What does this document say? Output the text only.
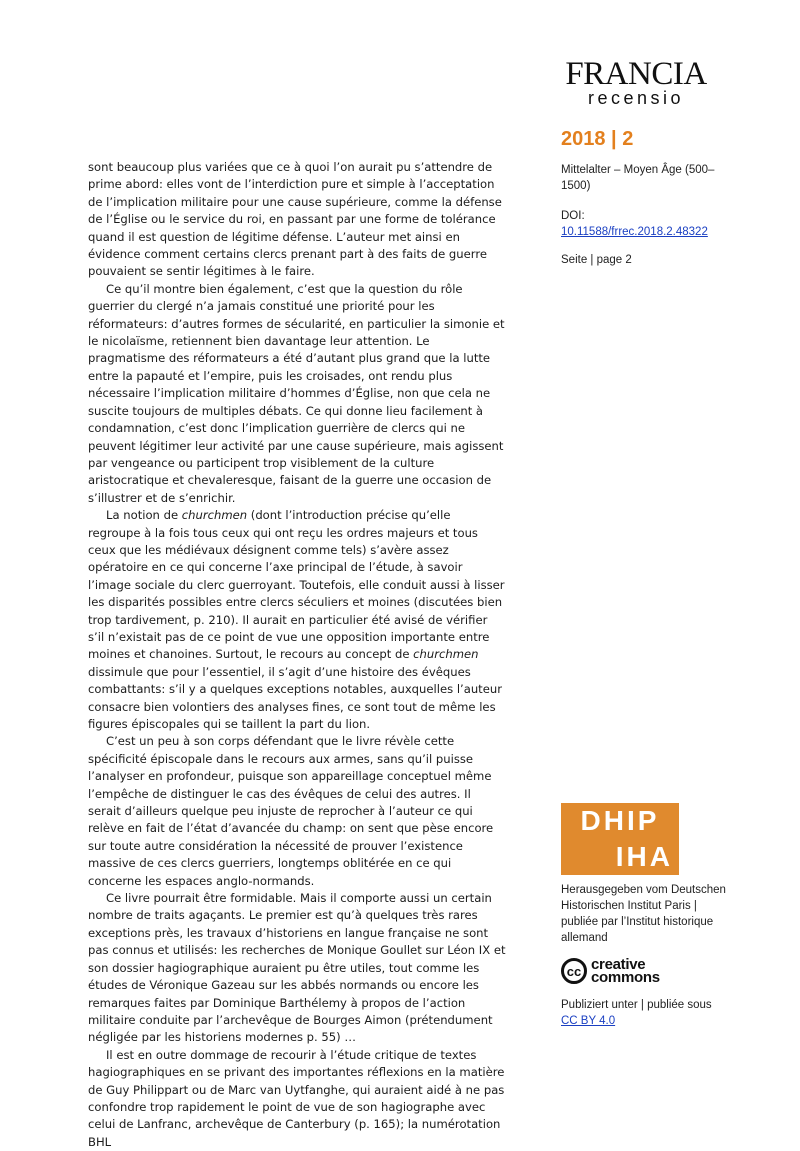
FRANCIA
recensio
2018 | 2
Mittelalter – Moyen Âge (500–1500)
DOI:
10.11588/frrec.2018.2.48322
Seite | page 2
DHIP
IHA
Herausgegeben vom Deutschen Historischen Institut Paris | publiée par l’Institut historique allemand
cc creative
commons
Publiziert unter | publiée sous
CC BY 4.0

sont beaucoup plus variées que ce à quoi l’on aurait pu s’attendre de prime abord: elles vont de l’interdiction pure et simple à l’acceptation de l’implication militaire pour une cause supérieure, comme la défense de l’Église ou le service du roi, en passant par une forme de tolérance quand il est question de légitime défense. L’auteur met ainsi en évidence comment certains clercs prenant part à des faits de guerre pouvaient se sentir légitimes à le faire.

Ce qu’il montre bien également, c’est que la question du rôle guerrier du clergé n’a jamais constitué une priorité pour les réformateurs: d’autres formes de sécularité, en particulier la simonie et le nicolaïsme, retiennent bien davantage leur attention. Le pragmatisme des réformateurs a été d’autant plus grand que la lutte entre la papauté et l’empire, puis les croisades, ont rendu plus nécessaire l’implication militaire d’hommes d’Église, non que cela ne suscite toujours de multiples débats. Ce qui donne lieu facilement à condamnation, c’est donc l’implication guerrière de clercs qui ne peuvent légitimer leur activité par une cause supérieure, mais agissent par vengeance ou participent trop visiblement de la culture aristocratique et chevaleresque, faisant de la guerre une occasion de s’illustrer et de s’enrichir.

La notion de churchmen (dont l’introduction précise qu’elle regroupe à la fois tous ceux qui ont reçu les ordres majeurs et tous ceux que les médiévaux désignent comme tels) s’avère assez opératoire en ce qui concerne l’axe principal de l’étude, à savoir l’image sociale du clerc guerroyant. Toutefois, elle conduit aussi à lisser les disparités possibles entre clercs séculiers et moines (discutées bien trop tardivement, p. 210). Il aurait en particulier été avisé de vérifier s’il n’existait pas de ce point de vue une opposition importante entre moines et chanoines. Surtout, le recours au concept de churchmen dissimule que pour l’essentiel, il s’agit d’une histoire des évêques combattants: s’il y a quelques exceptions notables, auxquelles l’auteur consacre bien volontiers des analyses fines, ce sont tout de même les figures épiscopales qui se taillent la part du lion.

C’est un peu à son corps défendant que le livre révèle cette spécificité épiscopale dans le recours aux armes, sans qu’il puisse l’analyser en profondeur, puisque son appareillage conceptuel même l’empêche de distinguer le cas des évêques de celui des autres. Il serait d’ailleurs quelque peu injuste de reprocher à l’auteur ce qui relève en fait de l’état d’avancée du champ: on sent que pèse encore sur toute autre considération la nécessité de prouver l’existence massive de ces clercs guerriers, longtemps oblitérée en ce qui concerne les espaces anglo-normands.

Ce livre pourrait être formidable. Mais il comporte aussi un certain nombre de traits agaçants. Le premier est qu’à quelques très rares exceptions près, les travaux d’historiens en langue française ne sont pas connus et utilisés: les recherches de Monique Goullet sur Léon IX et son dossier hagiographique auraient pu être utiles, tout comme les études de Véronique Gazeau sur les abbés normands ou encore les remarques faites par Dominique Barthélemy à propos de l’action militaire conduite par l’archevêque de Bourges Aimon (prétendument négligée par les historiens modernes p. 55) …

Il est en outre dommage de recourir à l’étude critique de textes hagiographiques en se privant des importantes réflexions en la matière de Guy Philippart ou de Marc van Uytfanghe, qui auraient aidé à ne pas confondre trop rapidement le point de vue de son hagiographe avec celui de Lanfranc, archevêque de Canterbury (p. 165); la numérotation BHL
